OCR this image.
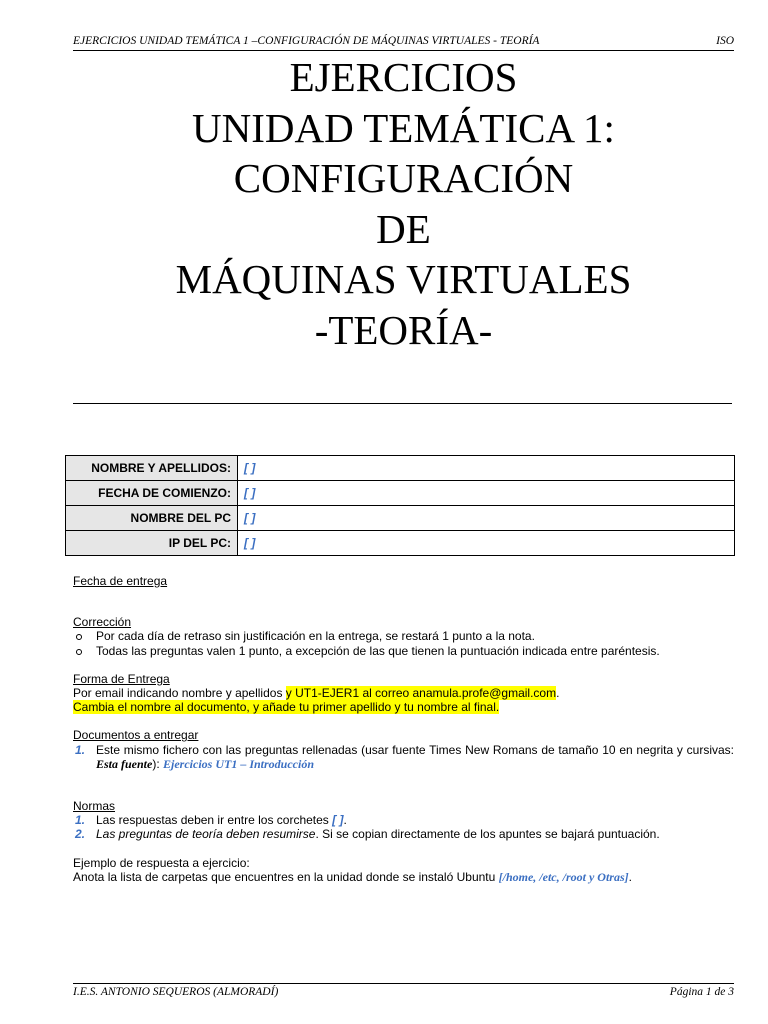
EJERCICIOS UNIDAD TEMÁTICA 1 –CONFIGURACIÓN DE MÁQUINAS VIRTUALES - TEORÍA	ISO
EJERCICIOS
UNIDAD TEMÁTICA 1:
CONFIGURACIÓN
DE
MÁQUINAS VIRTUALES
-TEORÍA-
NOMBRE Y APELLIDOS:	[ ]
FECHA DE COMIENZO:	[ ]
NOMBRE DEL PC	[ ]
IP DEL PC:	[ ]
Fecha de entrega
Corrección
Por cada día de retraso sin justificación en la entrega, se restará 1 punto a la nota.
Todas las preguntas valen 1 punto, a excepción de las que tienen la puntuación indicada entre paréntesis.
Forma de Entrega
Por email indicando nombre y apellidos y UT1-EJER1 al correo anamula.profe@gmail.com.
Cambia el nombre al documento, y añade tu primer apellido y tu nombre al final.
Documentos a entregar
1. Este mismo fichero con las preguntas rellenadas (usar fuente Times New Romans de tamaño 10 en negrita y cursivas: Esta fuente): Ejercicios UT1 – Introducción
Normas
1. Las respuestas deben ir entre los corchetes [ ].
2. Las preguntas de teoría deben resumirse. Si se copian directamente de los apuntes se bajará puntuación.
Ejemplo de respuesta a ejercicio:
Anota la lista de carpetas que encuentres en la unidad donde se instaló Ubuntu [/home, /etc, /root y Otras].
I.E.S. ANTONIO SEQUEROS (ALMORADÍ)	Página 1 de 3
